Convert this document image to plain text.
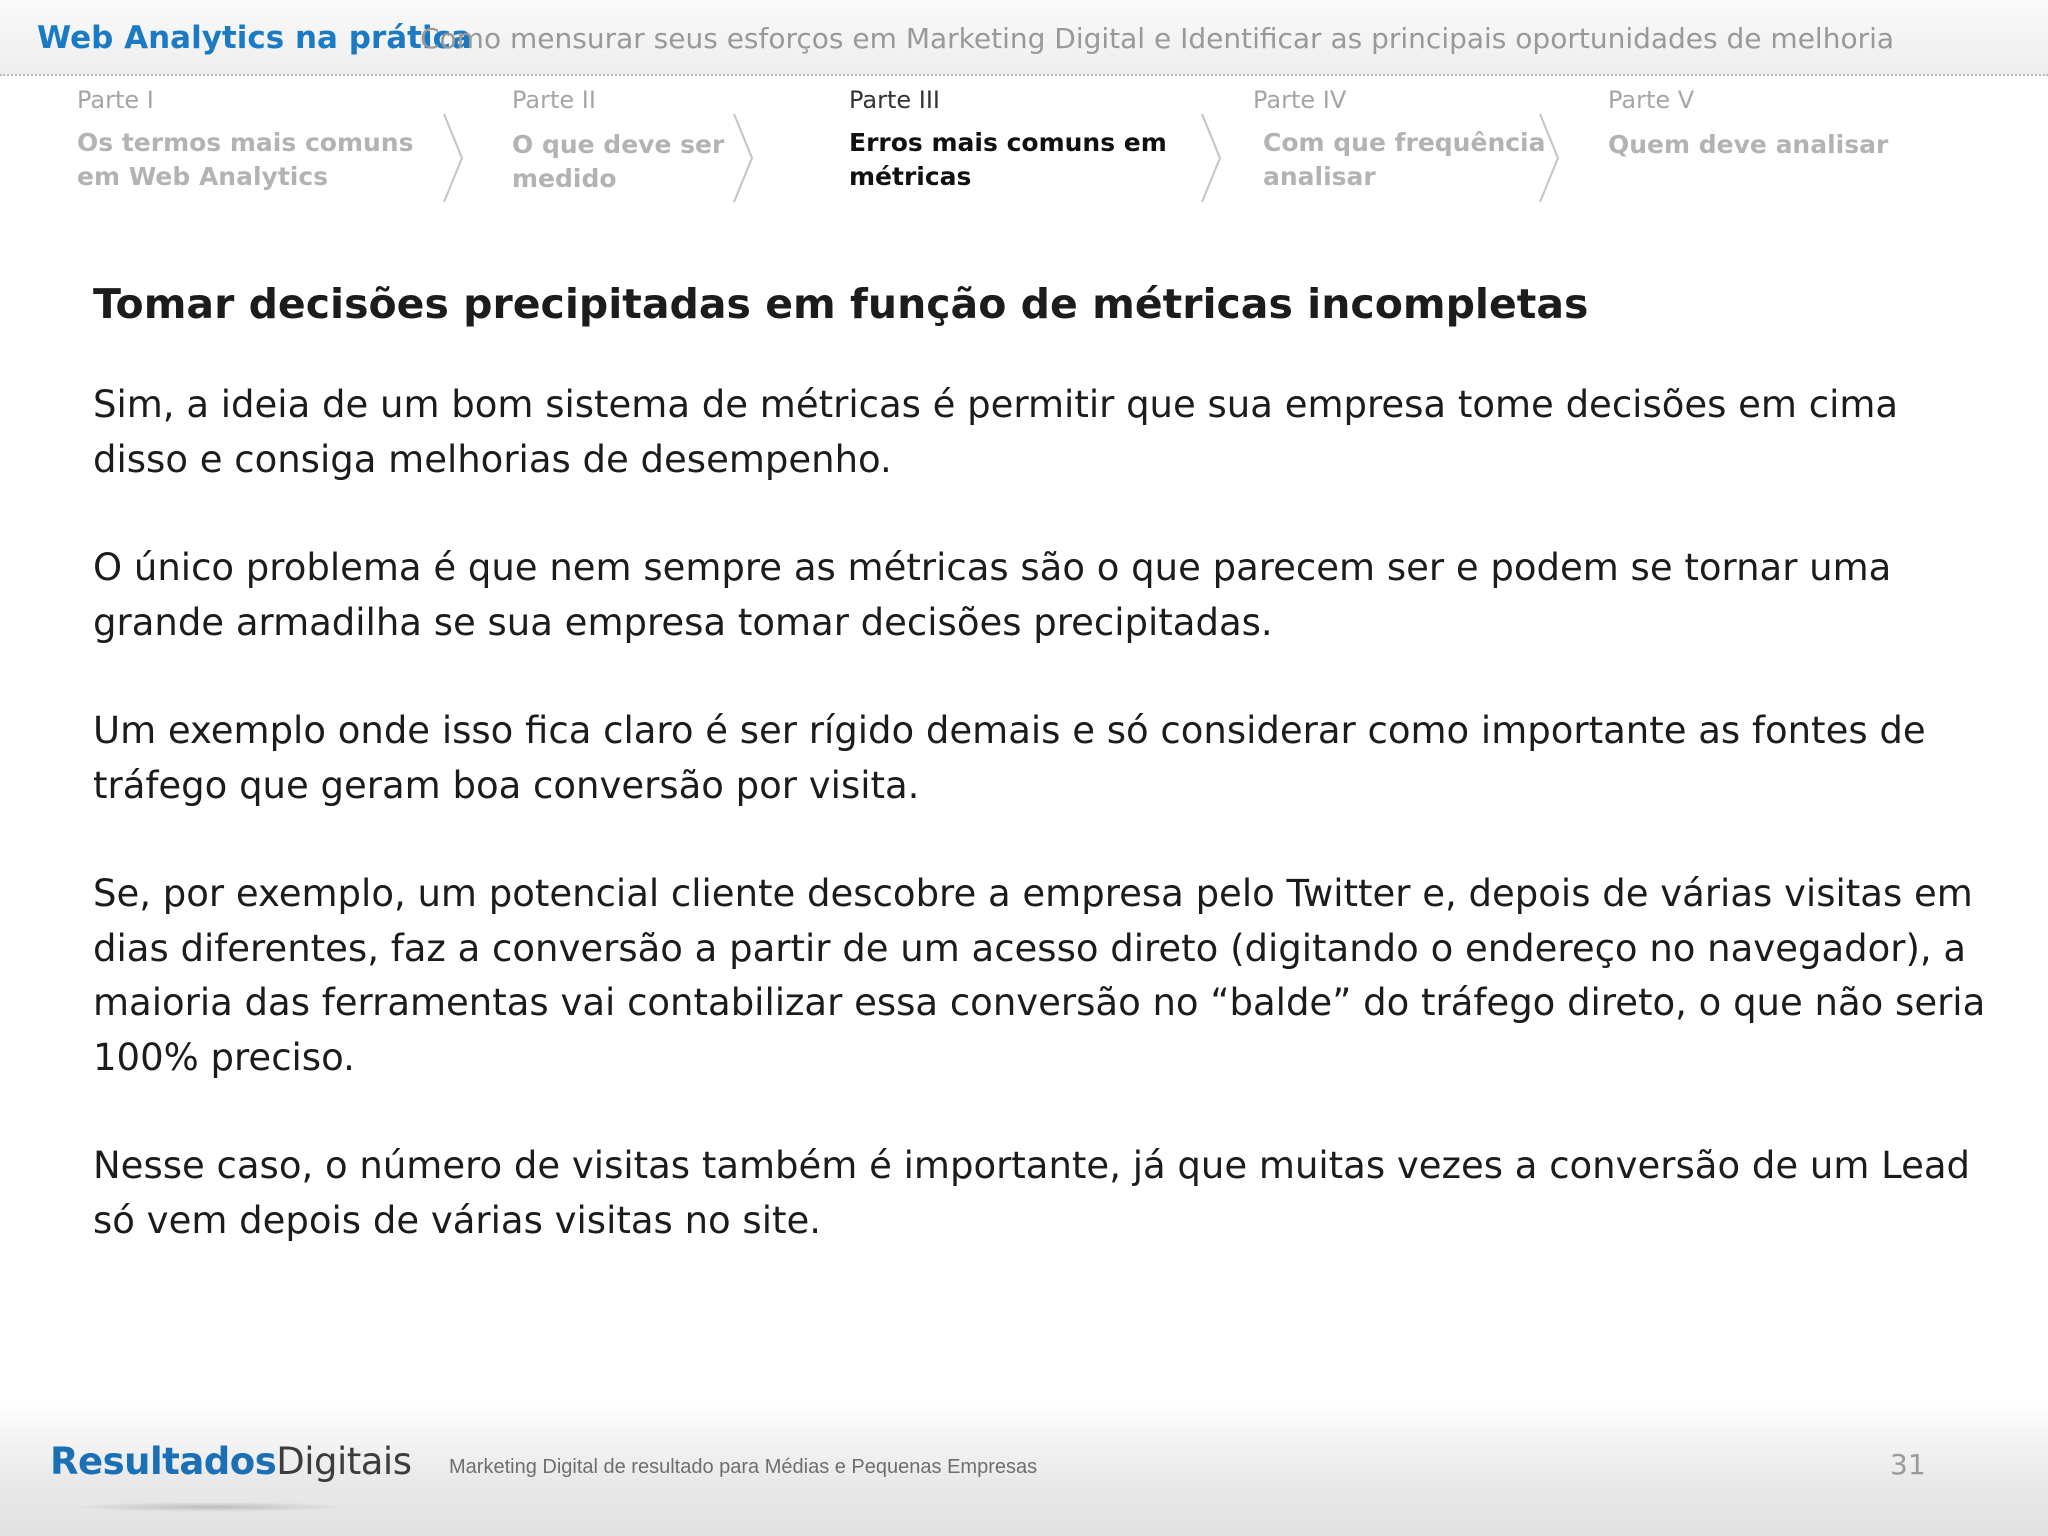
Web Analytics na prática
Como mensurar seus esforços em Marketing Digital e Identificar as principais oportunidades de melhoria
Parte I
Os termos mais comuns em Web Analytics
Parte II
O que deve ser medido
Parte III
Erros mais comuns em métricas
Parte IV
Com que frequência analisar
Parte V
Quem deve analisar
Tomar decisões precipitadas em função de métricas incompletas

Sim, a ideia de um bom sistema de métricas é permitir que sua empresa tome decisões em cima disso e consiga melhorias de desempenho.

O único problema é que nem sempre as métricas são o que parecem ser e podem se tornar uma grande armadilha se sua empresa tomar decisões precipitadas.

Um exemplo onde isso fica claro é ser rígido demais e só considerar como importante as fontes de tráfego que geram boa conversão por visita.

Se, por exemplo, um potencial cliente descobre a empresa pelo Twitter e, depois de várias visitas em dias diferentes, faz a conversão a partir de um acesso direto (digitando o endereço no navegador), a maioria das ferramentas vai contabilizar essa conversão no “balde” do tráfego direto, o que não seria 100% preciso.

Nesse caso, o número de visitas também é importante, já que muitas vezes a conversão de um Lead só vem depois de várias visitas no site.

ResultadosDigitais Marketing Digital de resultado para Médias e Pequenas Empresas	31
